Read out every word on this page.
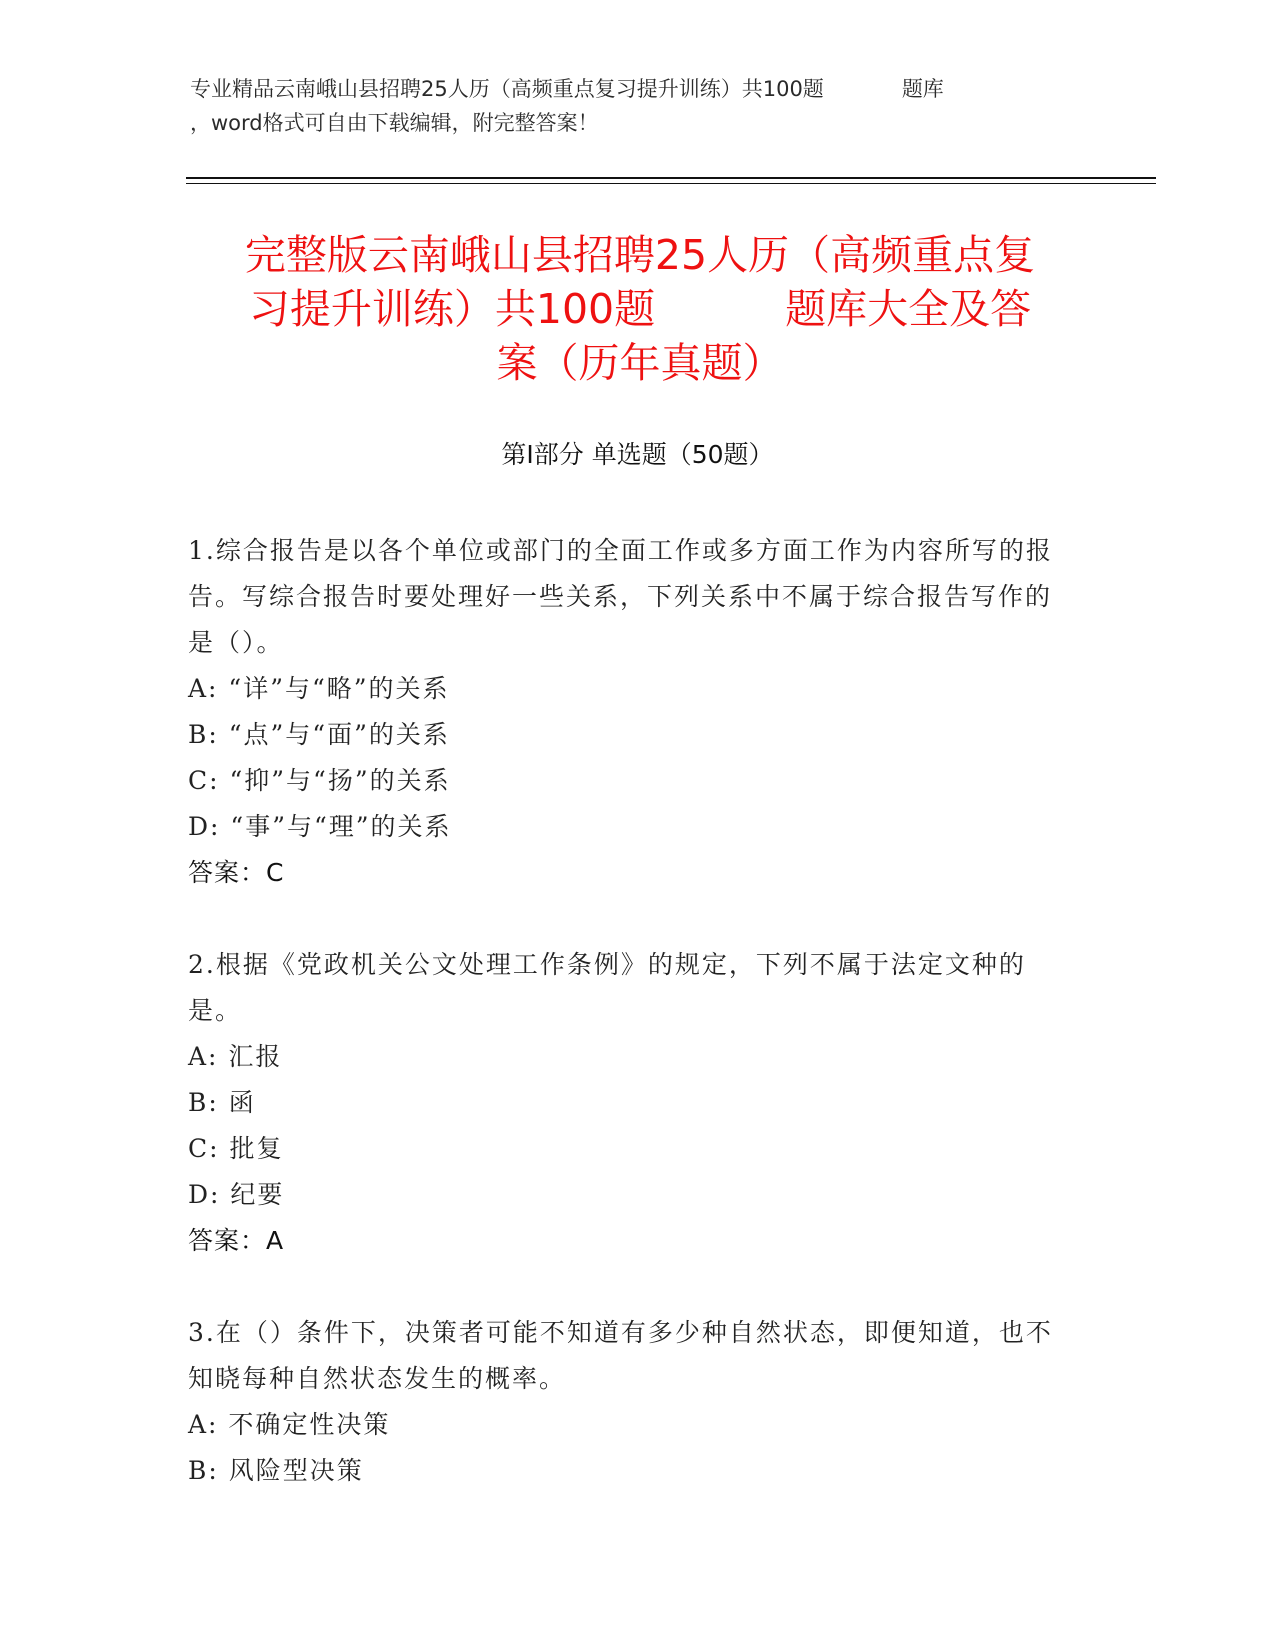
专业精品云南峨山县招聘25人历（高频重点复习提升训练）共100题	题库
，word格式可自由下载编辑，附完整答案！
完整版云南峨山县招聘25人历（高频重点复
习提升训练）共100题	题库大全及答
案（历年真题）
第Ⅰ部分 单选题（50题）
1.综合报告是以各个单位或部门的全面工作或多方面工作为内容所写的报告。写综合报告时要处理好一些关系，下列关系中不属于综合报告写作的是（）。
A: “详”与“略”的关系
B: “点”与“面”的关系
C: “抑”与“扬”的关系
D: “事”与“理”的关系
答案：C
2.根据《党政机关公文处理工作条例》的规定，下列不属于法定文种的是。
A: 汇报
B: 函
C: 批复
D: 纪要
答案：A
3.在（）条件下，决策者可能不知道有多少种自然状态，即便知道，也不知晓每种自然状态发生的概率。
A: 不确定性决策
B: 风险型决策
